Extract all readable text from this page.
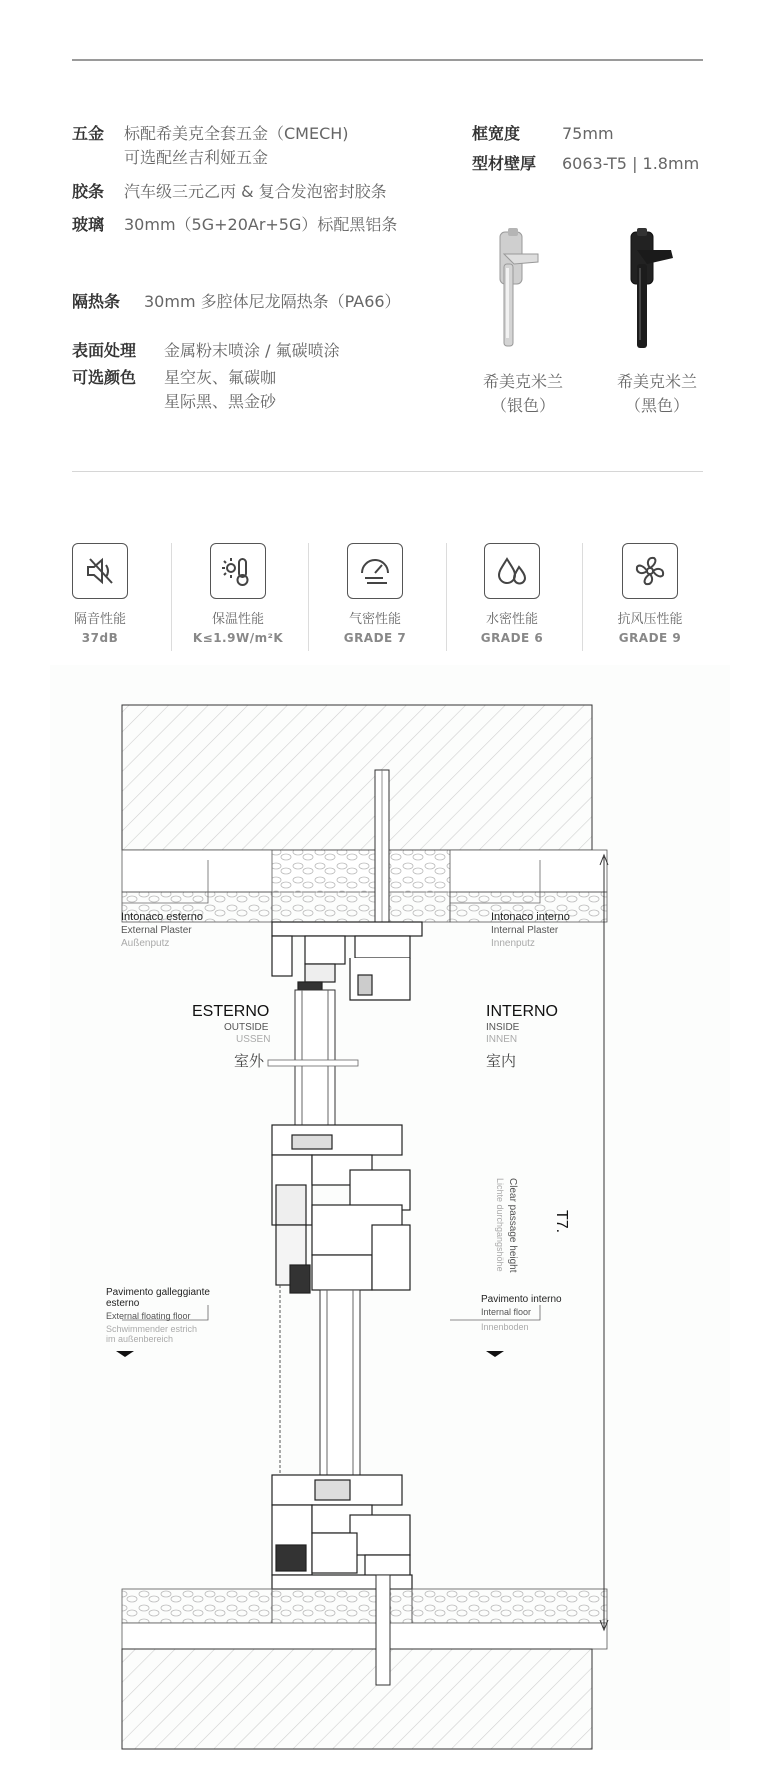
五金 标配希美克全套五金（CMECH)
可选配丝吉利娅五金
胶条 汽车级三元乙丙 & 复合发泡密封胶条
玻璃 30mm（5G+20Ar+5G）标配黑铝条
隔热条 30mm 多腔体尼龙隔热条（PA66）
表面处理 金属粉末喷涂 / 氟碳喷涂
可选颜色 星空灰、氟碳咖
星际黑、黑金砂
框宽度	75mm
型材壁厚 6063-T5 | 1.8mm
希美克米兰
（银色）
希美克米兰
（黑色）
隔音性能
37dB
保温性能
K≤1.9W/m²K
气密性能
GRADE 7
水密性能
GRADE 6
抗风压性能
GRADE 9
Intonaco esterno
External Plaster
Außenputz
Intonaco interno
Internal Plaster
Innenputz
ESTERNO
OUTSIDE
USSEN
室外
INTERNO
INSIDE
INNEN
室内
Pavimento galleggiante
esterno
External floating floor
Schwimmender estrich
im außenbereich
Pavimento interno
Internal floor
Innenboden
Clear passage height
Lichte durchgangshöhe	T7.
